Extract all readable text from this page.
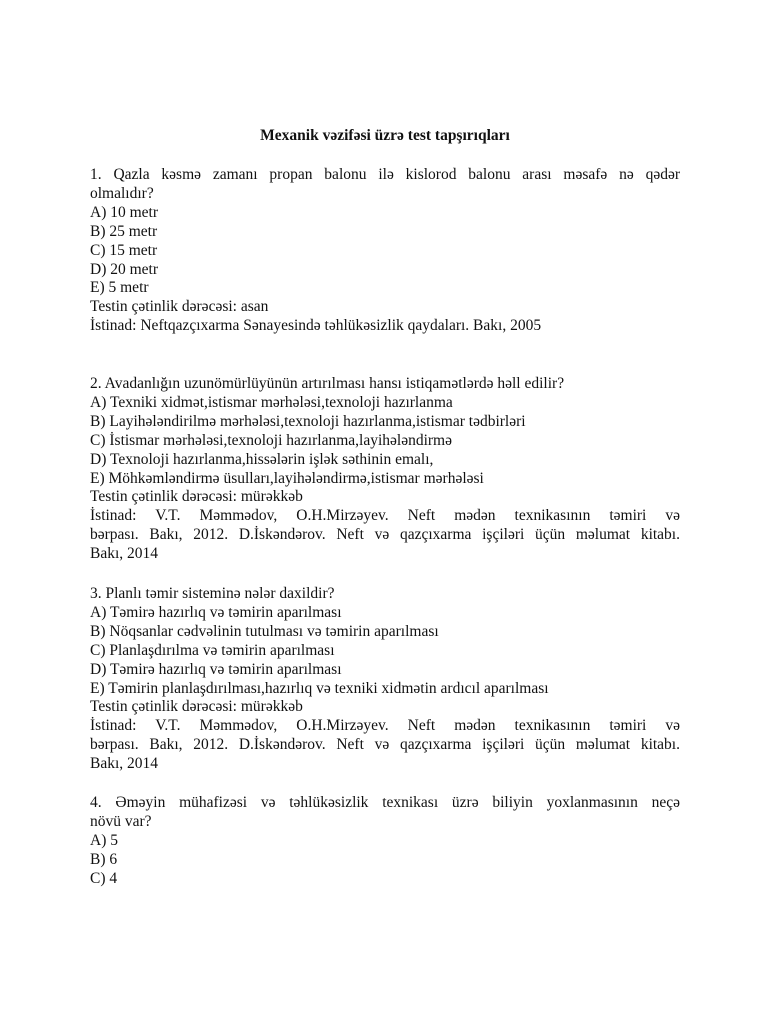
Mexanik vəzifəsi üzrə test tapşırıqları
1. Qazla kəsmə zamanı propan balonu ilə kislorod balonu arası məsafə nə qədər
olmalıdır?
A) 10 metr
B) 25 metr
C) 15 metr
D) 20 metr
E) 5 metr
Testin çətinlik dərəcəsi: asan
İstinad: Neftqazçıxarma Sənayesində təhlükəsizlik qaydaları. Bakı, 2005
2. Avadanlığın uzunömürlüyünün artırılması hansı istiqamətlərdə həll edilir?
A) Texniki xidmət,istismar mərhələsi,texnoloji hazırlanma
B) Layihələndirilmə mərhələsi,texnoloji hazırlanma,istismar tədbirləri
C) İstismar mərhələsi,texnoloji hazırlanma,layihələndirmə
D) Texnoloji hazırlanma,hissələrin işlək səthinin emalı,
E) Möhkəmləndirmə üsulları,layihələndirmə,istismar mərhələsi
Testin çətinlik dərəcəsi: mürəkkəb
İstinad: V.T. Məmmədov, O.H.Mirzəyev. Neft mədən texnikasının təmiri və
bərpası. Bakı, 2012. D.İskəndərov. Neft və qazçıxarma işçiləri üçün məlumat kitabı.
Bakı, 2014
3. Planlı təmir sisteminə nələr daxildir?
A) Təmirə hazırlıq və təmirin aparılması
B) Nöqsanlar cədvəlinin tutulması və təmirin aparılması
C) Planlaşdırılma və təmirin aparılması
D) Təmirə hazırlıq və təmirin aparılması
E) Təmirin planlaşdırılması,hazırlıq və texniki xidmətin ardıcıl aparılması
Testin çətinlik dərəcəsi: mürəkkəb
İstinad: V.T. Məmmədov, O.H.Mirzəyev. Neft mədən texnikasının təmiri və
bərpası. Bakı, 2012. D.İskəndərov. Neft və qazçıxarma işçiləri üçün məlumat kitabı.
Bakı, 2014
4. Əməyin mühafizəsi və təhlükəsizlik texnikası üzrə biliyin yoxlanmasının neçə
növü var?
A) 5
B) 6
C) 4
